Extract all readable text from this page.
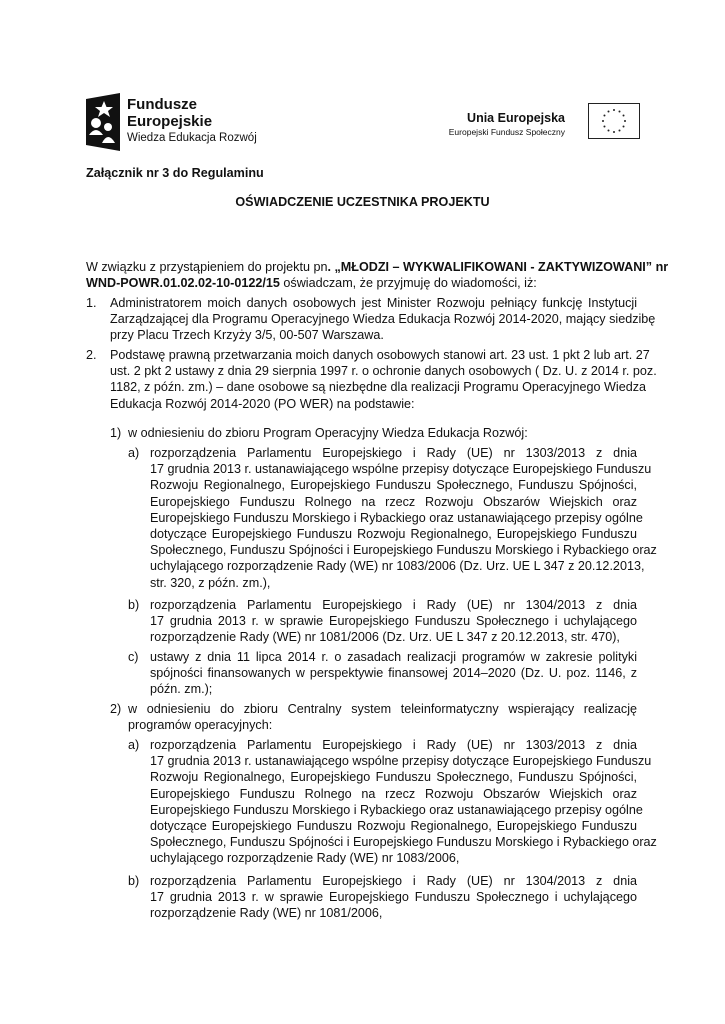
Fundusze
Europejskie
Wiedza Edukacja Rozwój
Unia Europejska
Europejski Fundusz Społeczny
Załącznik nr 3 do Regulaminu
OŚWIADCZENIE UCZESTNIKA PROJEKTU
W związku z przystąpieniem do projektu pn. „MŁODZI – WYKWALIFIKOWANI - ZAKTYWIZOWANI” nr
WND-POWR.01.02.02-10-0122/15 oświadczam, że przyjmuję do wiadomości, iż:
1. Administratorem moich danych osobowych jest Minister Rozwoju pełniący funkcję Instytucji
Zarządzającej dla Programu Operacyjnego Wiedza Edukacja Rozwój 2014-2020, mający siedzibę
przy Placu Trzech Krzyży 3/5, 00-507 Warszawa.
2. Podstawę prawną przetwarzania moich danych osobowych stanowi art. 23 ust. 1 pkt 2 lub art. 27
ust. 2 pkt 2 ustawy z dnia 29 sierpnia 1997 r. o ochronie danych osobowych ( Dz. U. z 2014 r. poz.
1182, z późn. zm.) – dane osobowe są niezbędne dla realizacji Programu Operacyjnego Wiedza
Edukacja Rozwój 2014-2020 (PO WER) na podstawie:
1) w odniesieniu do zbioru Program Operacyjny Wiedza Edukacja Rozwój:
a) rozporządzenia Parlamentu Europejskiego i Rady (UE) nr 1303/2013 z dnia
17 grudnia 2013 r. ustanawiającego wspólne przepisy dotyczące Europejskiego Funduszu
Rozwoju Regionalnego, Europejskiego Funduszu Społecznego, Funduszu Spójności,
Europejskiego Funduszu Rolnego na rzecz Rozwoju Obszarów Wiejskich oraz
Europejskiego Funduszu Morskiego i Rybackiego oraz ustanawiającego przepisy ogólne
dotyczące Europejskiego Funduszu Rozwoju Regionalnego, Europejskiego Funduszu
Społecznego, Funduszu Spójności i Europejskiego Funduszu Morskiego i Rybackiego oraz
uchylającego rozporządzenie Rady (WE) nr 1083/2006 (Dz. Urz. UE L 347 z 20.12.2013,
str. 320, z późn. zm.),
b) rozporządzenia Parlamentu Europejskiego i Rady (UE) nr 1304/2013 z dnia
17 grudnia 2013 r. w sprawie Europejskiego Funduszu Społecznego i uchylającego
rozporządzenie Rady (WE) nr 1081/2006 (Dz. Urz. UE L 347 z 20.12.2013, str. 470),
c) ustawy z dnia 11 lipca 2014 r. o zasadach realizacji programów w zakresie polityki
spójności finansowanych w perspektywie finansowej 2014–2020 (Dz. U. poz. 1146, z
późn. zm.);
2) w odniesieniu do zbioru Centralny system teleinformatyczny wspierający realizację
programów operacyjnych:
a) rozporządzenia Parlamentu Europejskiego i Rady (UE) nr 1303/2013 z dnia
17 grudnia 2013 r. ustanawiającego wspólne przepisy dotyczące Europejskiego Funduszu
Rozwoju Regionalnego, Europejskiego Funduszu Społecznego, Funduszu Spójności,
Europejskiego Funduszu Rolnego na rzecz Rozwoju Obszarów Wiejskich oraz
Europejskiego Funduszu Morskiego i Rybackiego oraz ustanawiającego przepisy ogólne
dotyczące Europejskiego Funduszu Rozwoju Regionalnego, Europejskiego Funduszu
Społecznego, Funduszu Spójności i Europejskiego Funduszu Morskiego i Rybackiego oraz
uchylającego rozporządzenie Rady (WE) nr 1083/2006,
b) rozporządzenia Parlamentu Europejskiego i Rady (UE) nr 1304/2013 z dnia
17 grudnia 2013 r. w sprawie Europejskiego Funduszu Społecznego i uchylającego
rozporządzenie Rady (WE) nr 1081/2006,
